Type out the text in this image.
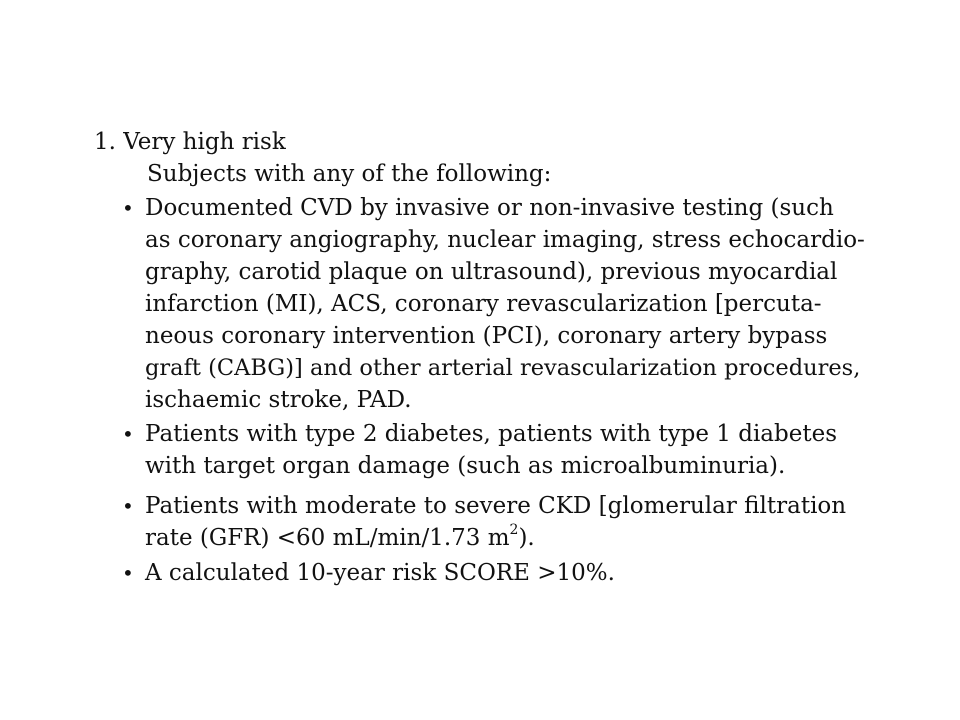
1. Very high risk
Subjects with any of the following:
• Documented CVD by invasive or non-invasive testing (such
as coronary angiography, nuclear imaging, stress echocardio-
graphy, carotid plaque on ultrasound), previous myocardial
infarction (MI), ACS, coronary revascularization [percuta-
neous coronary intervention (PCI), coronary artery bypass
graft (CABG)] and other arterial revascularization procedures,
ischaemic stroke, PAD.
• Patients with type 2 diabetes, patients with type 1 diabetes
with target organ damage (such as microalbuminuria).
• Patients with moderate to severe CKD [glomerular filtration
rate (GFR) <60 mL/min/1.73 $m^2$).
• A calculated 10-year risk SCORE >10%.
